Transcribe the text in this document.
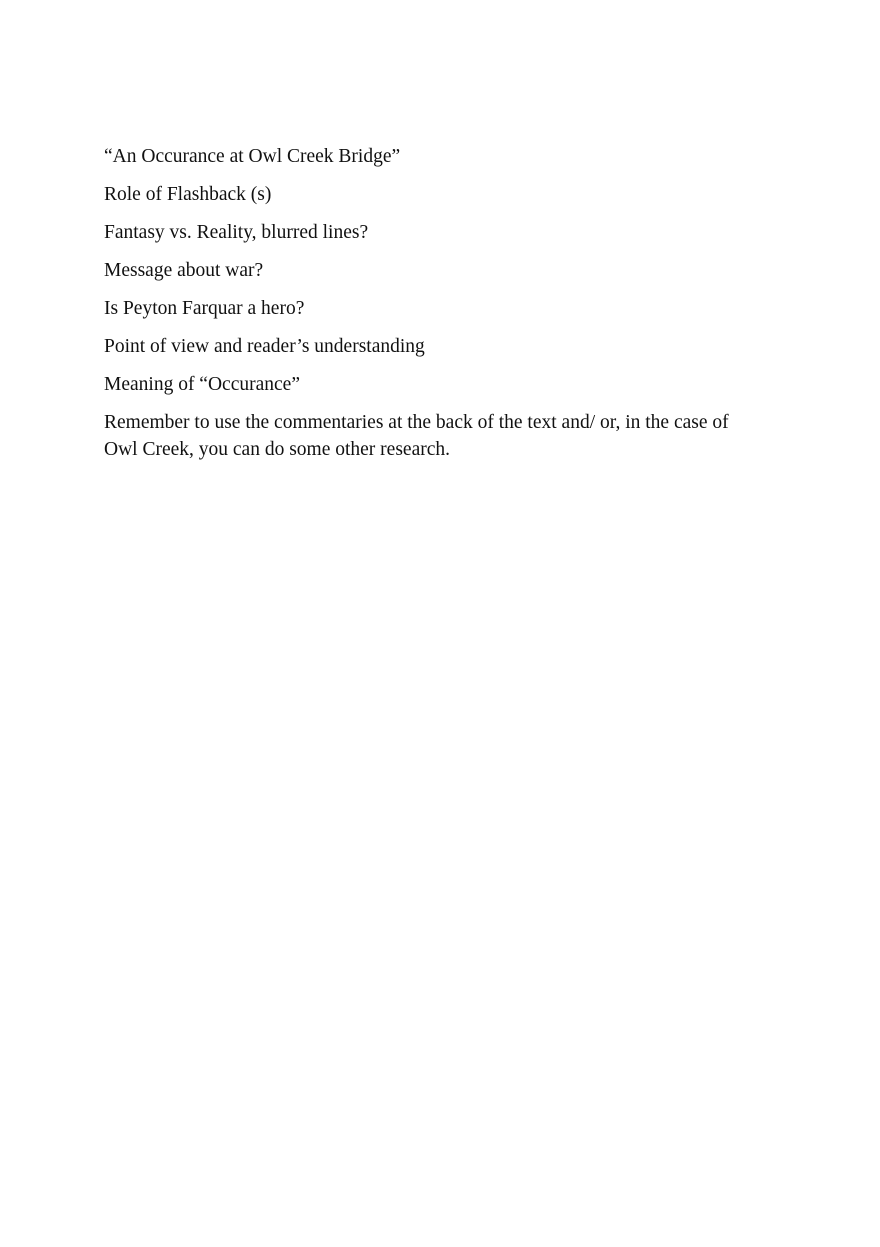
“An Occurance at Owl Creek Bridge”

Role of Flashback (s)

Fantasy vs. Reality, blurred lines?

Message about war?

Is Peyton Farquar a hero?

Point of view and reader’s understanding

Meaning of “Occurance”

Remember to use the commentaries at the back of the text and/ or, in the case of Owl Creek, you can do some other research.
